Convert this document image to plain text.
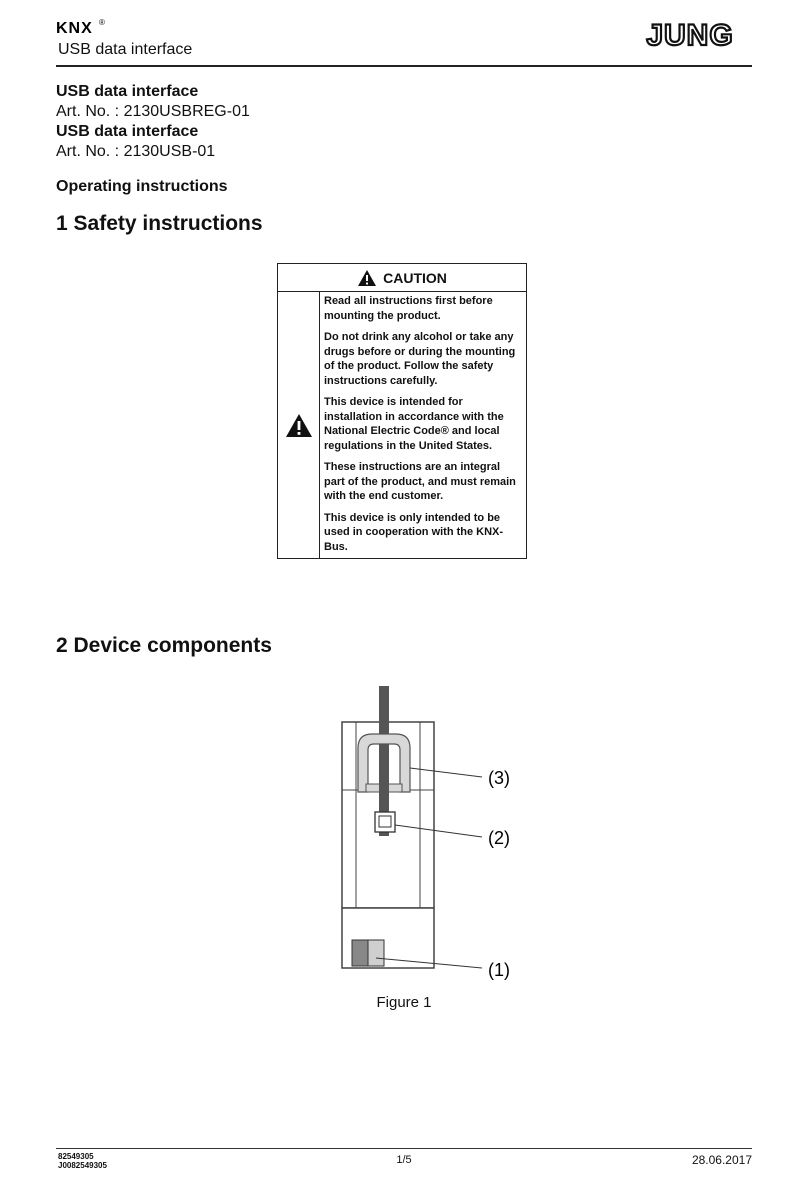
KNX ®
USB data interface	JUNG
USB data interface
Art. No. : 2130USBREG-01
USB data interface
Art. No. : 2130USB-01
Operating instructions
1 Safety instructions
CAUTION

Read all instructions first before mounting the product.

Do not drink any alcohol or take any drugs before or during the mounting of the product. Follow the safety instructions carefully.

This device is intended for installation in accordance with the National Electric Code® and local regulations in the United States.

These instructions are an integral part of the product, and must remain with the end customer.

This device is only intended to be used in cooperation with the KNX-Bus.

2 Device components
(3)
(2)
(1)
Figure 1
82549305
J0082549305	1/5	28.06.2017
